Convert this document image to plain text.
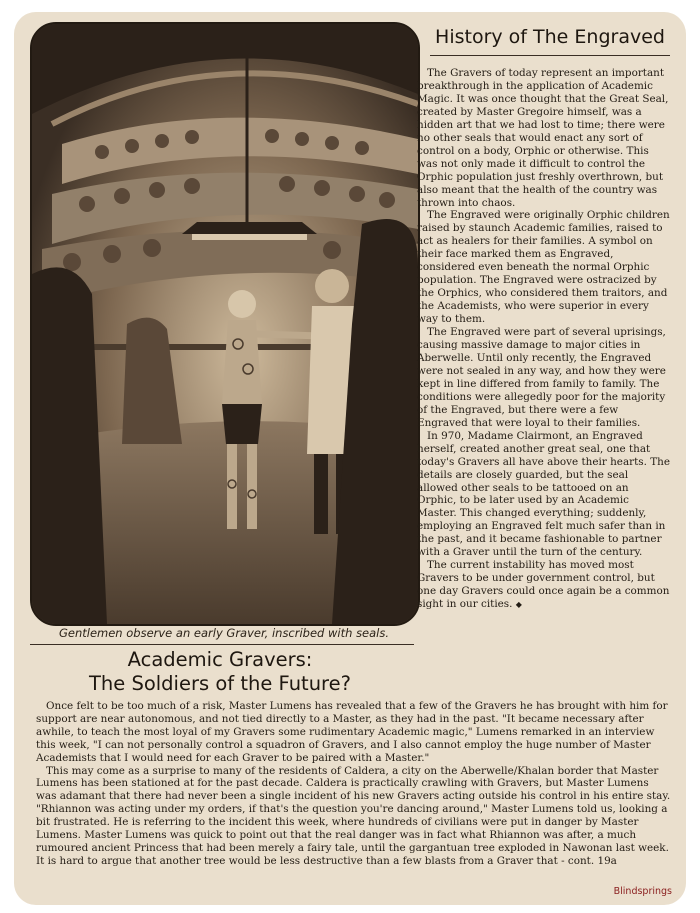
Gentlemen observe an early Graver, inscribed with seals.
History of The Engraved

The Gravers of today represent an important breakthrough in the application of Academic Magic. It was once thought that the Great Seal, created by Master Gregoire himself, was a hidden art that we had lost to time; there were no other seals that would enact any sort of control on a body, Orphic or otherwise. This was not only made it difficult to control the Orphic population just freshly overthrown, but also meant that the health of the country was thrown into chaos.

The Engraved were originally Orphic children raised by staunch Academic families, raised to act as healers for their families. A symbol on their face marked them as Engraved, considered even beneath the normal Orphic population. The Engraved were ostracized by the Orphics, who considered them traitors, and the Academists, who were superior in every way to them.

The Engraved were part of several uprisings, causing massive damage to major cities in Aberwelle. Until only recently, the Engraved were not sealed in any way, and how they were kept in line differed from family to family. The conditions were allegedly poor for the majority of the Engraved, but there were a few Engraved that were loyal to their families.

In 970, Madame Clairmont, an Engraved herself, created another great seal, one that today's Gravers all have above their hearts. The details are closely guarded, but the seal allowed other seals to be tattooed on an Orphic, to be later used by an Academic Master. This changed everything; suddenly, employing an Engraved felt much safer than in the past, and it became fashionable to partner with a Graver until the turn of the century.

The current instability has moved most Gravers to be under government control, but one day Gravers could once again be a common sight in our cities. ◆

Academic Gravers:
The Soldiers of the Future?

Once felt to be too much of a risk, Master Lumens has revealed that a few of the Gravers he has brought with him for support are near autonomous, and not tied directly to a Master, as they had in the past. "It became necessary after awhile, to teach the most loyal of my Gravers some rudimentary Academic magic," Lumens remarked in an interview this week, "I can not personally control a squadron of Gravers, and I also cannot employ the huge number of Master Academists that I would need for each Graver to be paired with a Master."

This may come as a surprise to many of the residents of Caldera, a city on the Aberwelle/Khalan border that Master Lumens has been stationed at for the past decade. Caldera is practically crawling with Gravers, but Master Lumens was adamant that there had never been a single incident of his new Gravers acting outside his control in his entire stay.

"Rhiannon was acting under my orders, if that's the question you're dancing around," Master Lumens told us, looking a bit frustrated. He is referring to the incident this week, where hundreds of civilians were put in danger by Master Lumens. Master Lumens was quick to point out that the real danger was in fact what Rhiannon was after, a much rumoured ancient Princess that had been merely a fairy tale, until the gargantuan tree exploded in Nawonan last week. It is hard to argue that another tree would be less destructive than a few blasts from a Graver that - cont. 19a

Blindsprings
